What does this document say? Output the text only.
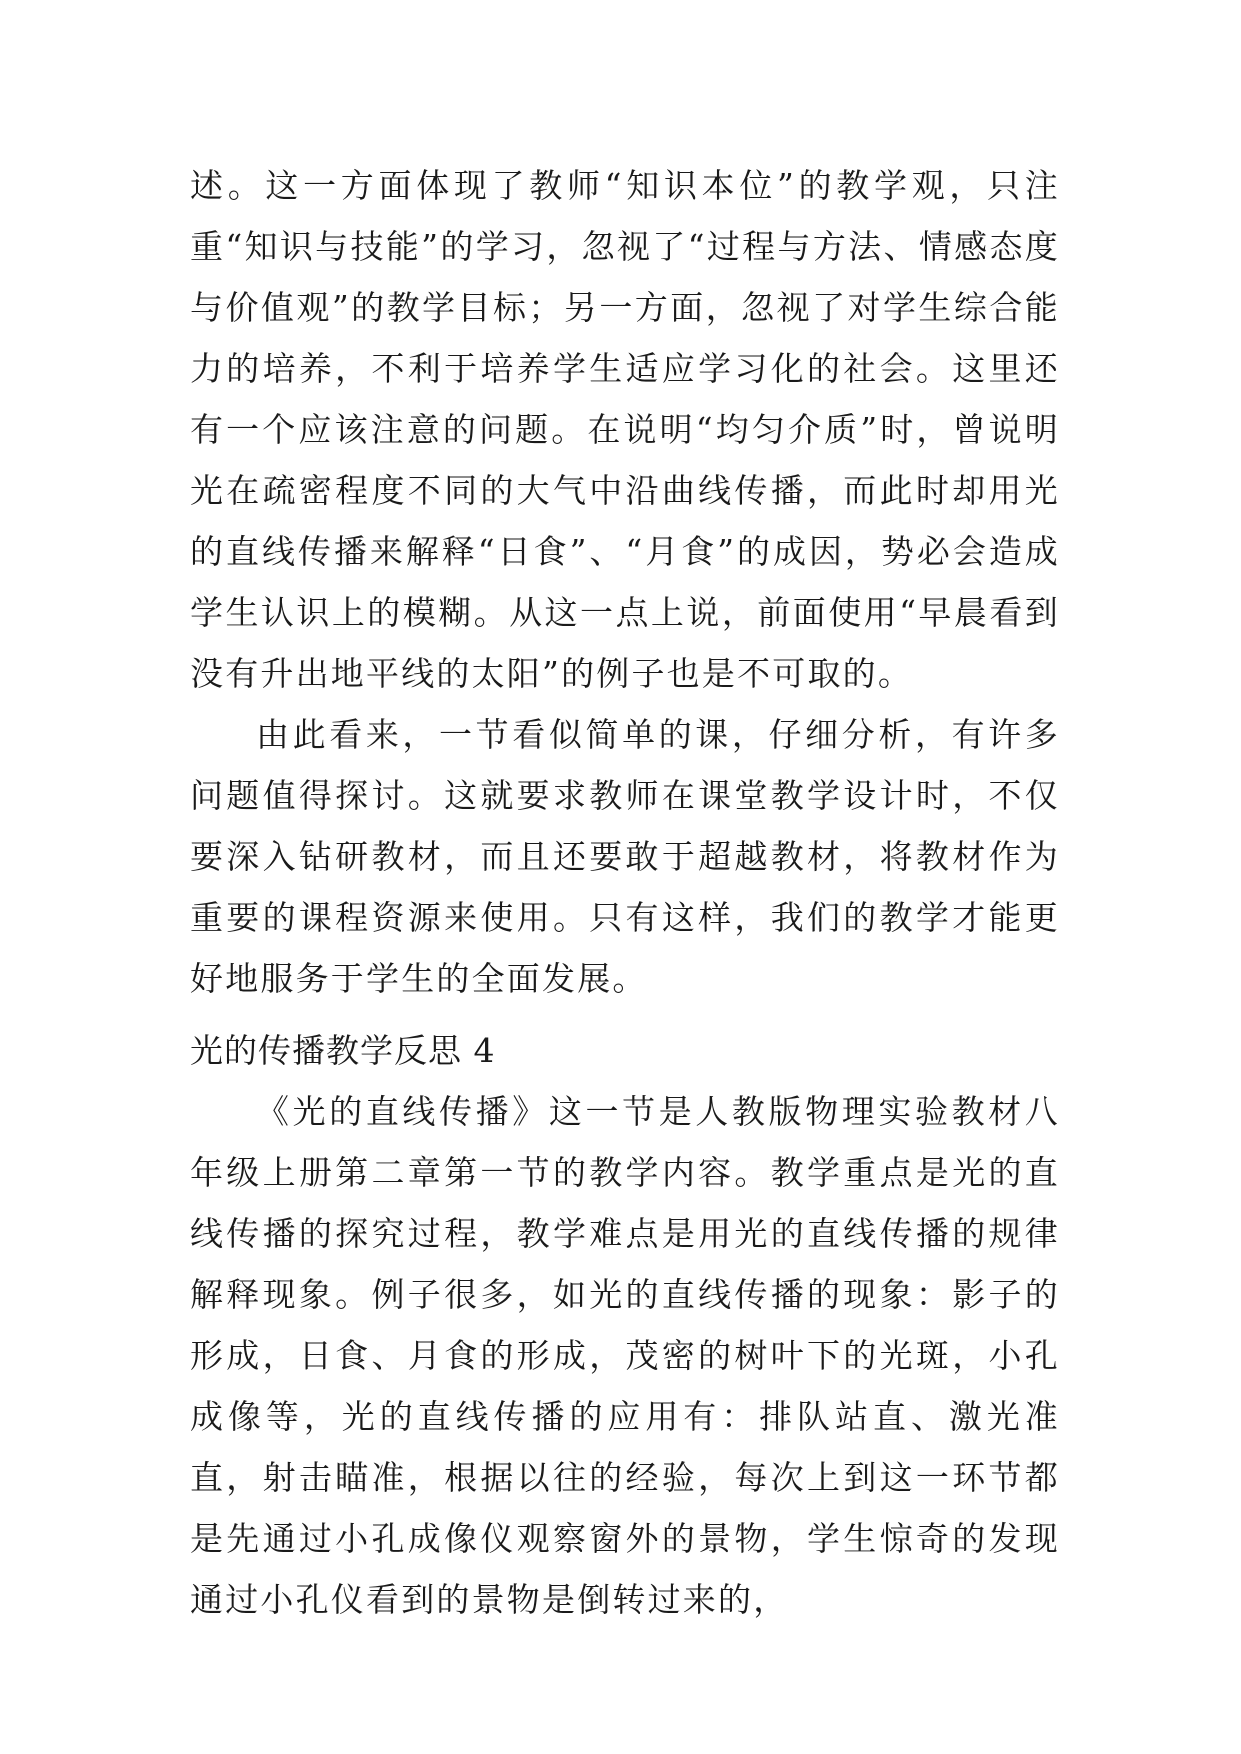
述。这一方面体现了教师“知识本位”的教学观，只注重“知识与技能”的学习，忽视了“过程与方法、情感态度与价值观”的教学目标；另一方面，忽视了对学生综合能力的培养，不利于培养学生适应学习化的社会。这里还有一个应该注意的问题。在说明“均匀介质”时，曾说明光在疏密程度不同的大气中沿曲线传播，而此时却用光的直线传播来解释“日食”、“月食”的成因，势必会造成学生认识上的模糊。从这一点上说，前面使用“早晨看到没有升出地平线的太阳”的例子也是不可取的。

由此看来，一节看似简单的课，仔细分析，有许多问题值得探讨。这就要求教师在课堂教学设计时，不仅要深入钻研教材，而且还要敢于超越教材，将教材作为重要的课程资源来使用。只有这样，我们的教学才能更好地服务于学生的全面发展。

光的传播教学反思 4

《光的直线传播》这一节是人教版物理实验教材八年级上册第二章第一节的教学内容。教学重点是光的直线传播的探究过程，教学难点是用光的直线传播的规律解释现象。例子很多，如光的直线传播的现象：影子的形成，日食、月食的形成，茂密的树叶下的光斑，小孔成像等，光的直线传播的应用有：排队站直、激光准直，射击瞄准，根据以往的经验，每次上到这一环节都是先通过小孔成像仪观察窗外的景物，学生惊奇的发现通过小孔仪看到的景物是倒转过来的，
